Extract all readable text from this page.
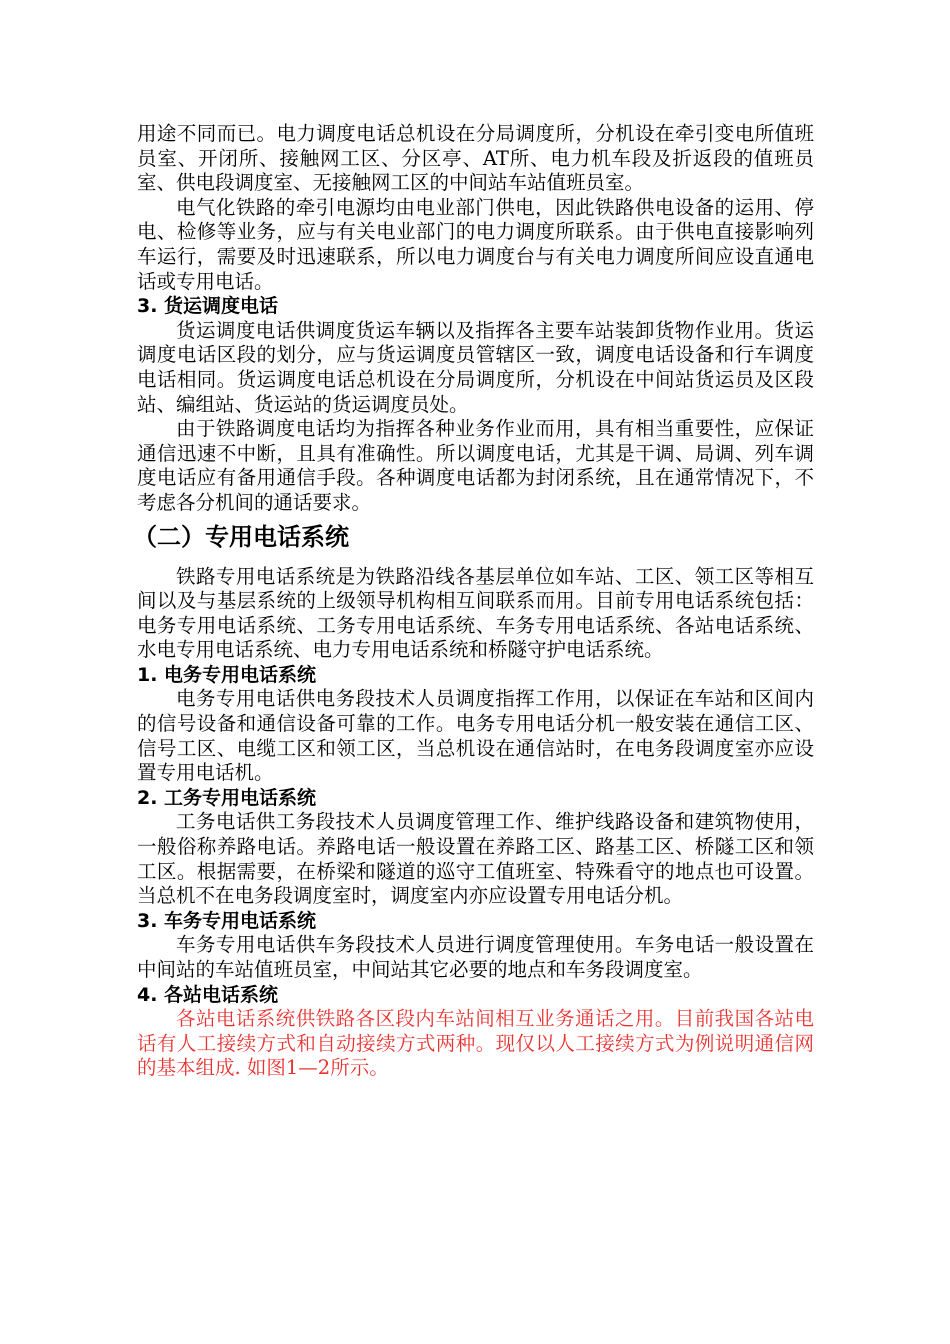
用途不同而已。电力调度电话总机设在分局调度所，分机设在牵引变电所值班员室、开闭所、接触网工区、分区亭、AT所、电力机车段及折返段的值班员室、供电段调度室、无接触网工区的中间站车站值班员室。

电气化铁路的牵引电源均由电业部门供电，因此铁路供电设备的运用、停电、检修等业务，应与有关电业部门的电力调度所联系。由于供电直接影响列车运行，需要及时迅速联系，所以电力调度台与有关电力调度所间应设直通电话或专用电话。

3. 货运调度电话

货运调度电话供调度货运车辆以及指挥各主要车站装卸货物作业用。货运调度电话区段的划分，应与货运调度员管辖区一致，调度电话设备和行车调度电话相同。货运调度电话总机设在分局调度所，分机设在中间站货运员及区段站、编组站、货运站的货运调度员处。

由于铁路调度电话均为指挥各种业务作业而用，具有相当重要性，应保证通信迅速不中断，且具有准确性。所以调度电话，尤其是干调、局调、列车调度电话应有备用通信手段。各种调度电话都为封闭系统，且在通常情况下，不考虑各分机间的通话要求。

（二）专用电话系统

铁路专用电话系统是为铁路沿线各基层单位如车站、工区、领工区等相互间以及与基层系统的上级领导机构相互间联系而用。目前专用电话系统包括：电务专用电话系统、工务专用电话系统、车务专用电话系统、各站电话系统、水电专用电话系统、电力专用电话系统和桥隧守护电话系统。

1. 电务专用电话系统

电务专用电话供电务段技术人员调度指挥工作用，以保证在车站和区间内的信号设备和通信设备可靠的工作。电务专用电话分机一般安装在通信工区、信号工区、电缆工区和领工区，当总机设在通信站时，在电务段调度室亦应设置专用电话机。

2. 工务专用电话系统

工务电话供工务段技术人员调度管理工作、维护线路设备和建筑物使用，一般俗称养路电话。养路电话一般设置在养路工区、路基工区、桥隧工区和领工区。根据需要，在桥梁和隧道的巡守工值班室、特殊看守的地点也可设置。当总机不在电务段调度室时，调度室内亦应设置专用电话分机。

3. 车务专用电话系统

车务专用电话供车务段技术人员进行调度管理使用。车务电话一般设置在中间站的车站值班员室，中间站其它必要的地点和车务段调度室。

4. 各站电话系统

各站电话系统供铁路各区段内车站间相互业务通话之用。目前我国各站电话有人工接续方式和自动接续方式两种。现仅以人工接续方式为例说明通信网的基本组成. 如图1—2所示。
